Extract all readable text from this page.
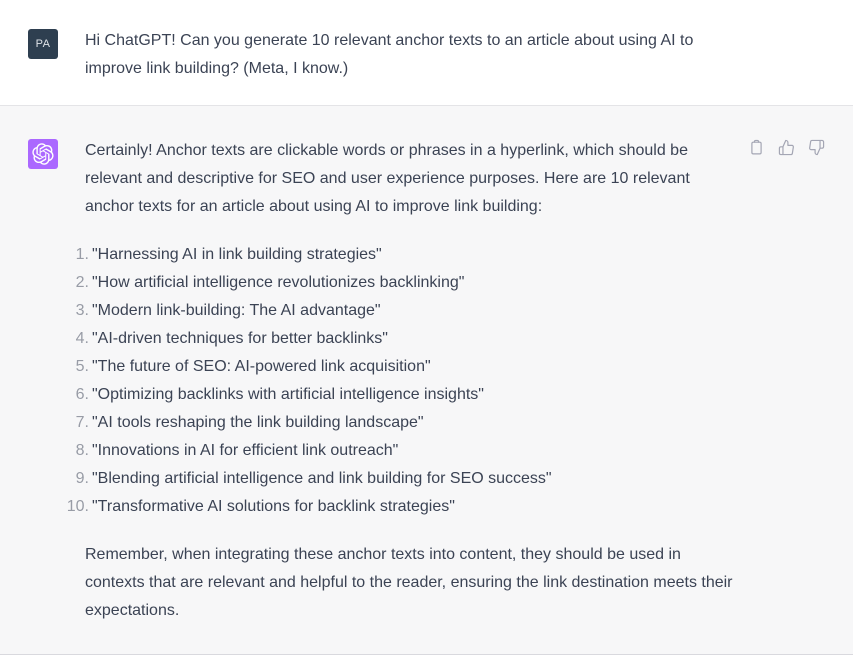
PA	Hi ChatGPT! Can you generate 10 relevant anchor texts to an article about using AI to improve link building? (Meta, I know.)

Certainly! Anchor texts are clickable words or phrases in a hyperlink, which should be relevant and descriptive for SEO and user experience purposes. Here are 10 relevant anchor texts for an article about using AI to improve link building:

"Harnessing AI in link building strategies"
"How artificial intelligence revolutionizes backlinking"
"Modern link-building: The AI advantage"
"AI-driven techniques for better backlinks"
"The future of SEO: AI-powered link acquisition"
"Optimizing backlinks with artificial intelligence insights"
"AI tools reshaping the link building landscape"
"Innovations in AI for efficient link outreach"
"Blending artificial intelligence and link building for SEO success"
"Transformative AI solutions for backlink strategies"

Remember, when integrating these anchor texts into content, they should be used in contexts that are relevant and helpful to the reader, ensuring the link destination meets their expectations.
